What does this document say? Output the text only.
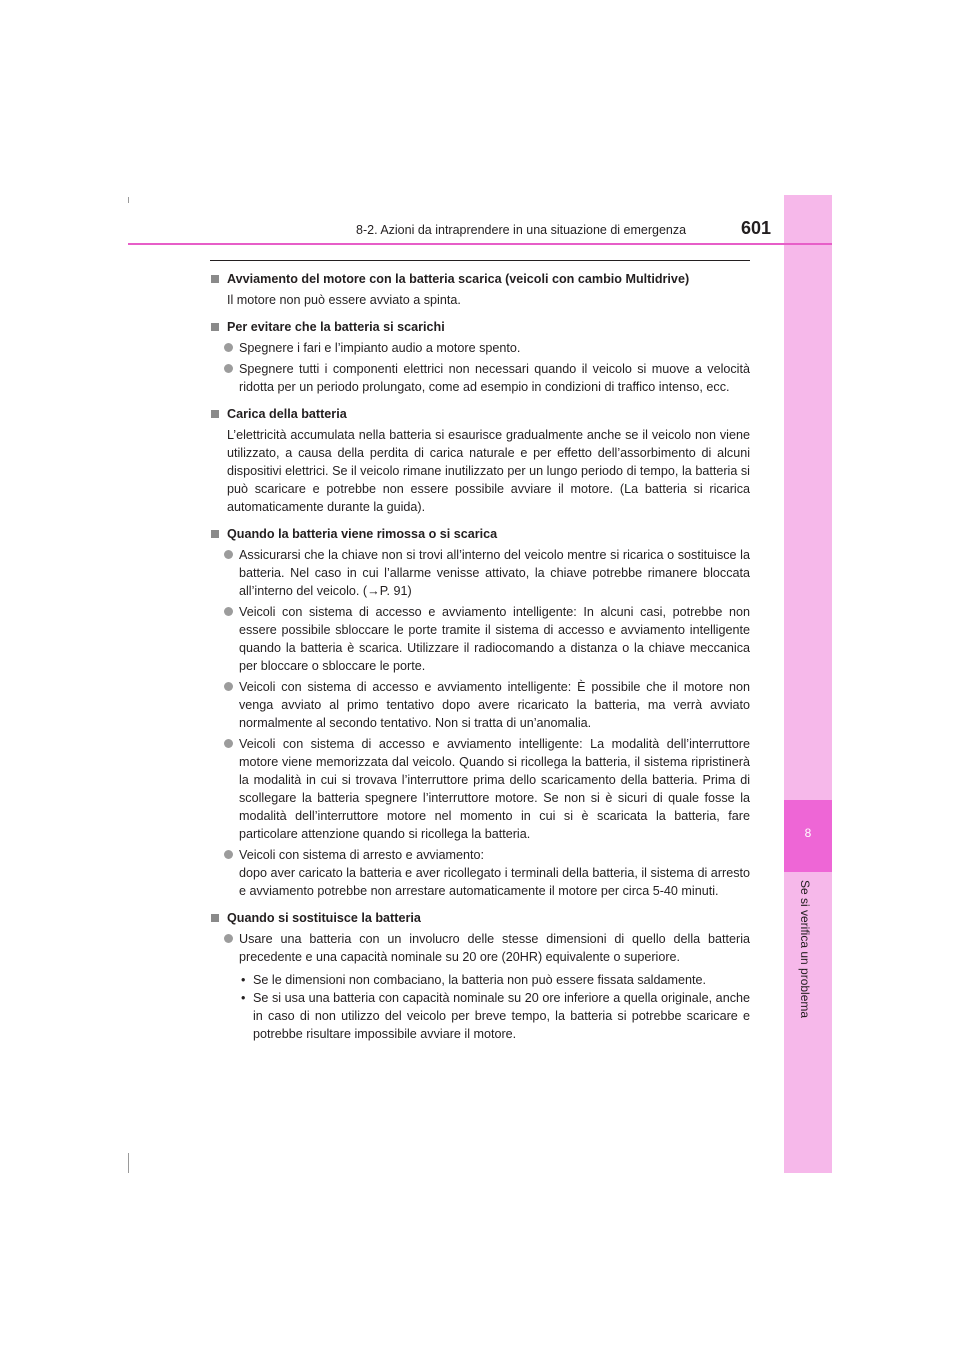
8
Se si verifica un problema
8-2. Azioni da intraprendere in una situazione di emergenza	601
Avviamento del motore con la batteria scarica (veicoli con cambio Multidrive)
Il motore non può essere avviato a spinta.
Per evitare che la batteria si scarichi
Spegnere i fari e l’impianto audio a motore spento.
Spegnere tutti i componenti elettrici non necessari quando il veicolo si muove a velocità ridotta per un periodo prolungato, come ad esempio in condizioni di traffico intenso, ecc.
Carica della batteria
L’elettricità accumulata nella batteria si esaurisce gradualmente anche se il veicolo non viene utilizzato, a causa della perdita di carica naturale e per effetto dell’assorbimento di alcuni dispositivi elettrici. Se il veicolo rimane inutilizzato per un lungo periodo di tempo, la batteria si può scaricare e potrebbe non essere possibile avviare il motore. (La batteria si ricarica automaticamente durante la guida).
Quando la batteria viene rimossa o si scarica
Assicurarsi che la chiave non si trovi all’interno del veicolo mentre si ricarica o sostituisce la batteria. Nel caso in cui l’allarme venisse attivato, la chiave potrebbe rimanere bloccata all’interno del veicolo. (→P. 91)
Veicoli con sistema di accesso e avviamento intelligente: In alcuni casi, potrebbe non essere possibile sbloccare le porte tramite il sistema di accesso e avviamento intelligente quando la batteria è scarica. Utilizzare il radiocomando a distanza o la chiave meccanica per bloccare o sbloccare le porte.
Veicoli con sistema di accesso e avviamento intelligente: È possibile che il motore non venga avviato al primo tentativo dopo avere ricaricato la batteria, ma verrà avviato normalmente al secondo tentativo. Non si tratta di un’anomalia.
Veicoli con sistema di accesso e avviamento intelligente: La modalità dell’interruttore motore viene memorizzata dal veicolo. Quando si ricollega la batteria, il sistema ripristinerà la modalità in cui si trovava l’interruttore prima dello scaricamento della batteria. Prima di scollegare la batteria spegnere l’interruttore motore. Se non si è sicuri di quale fosse la modalità dell’interruttore motore nel momento in cui si è scaricata la batteria, fare particolare attenzione quando si ricollega la batteria.
Veicoli con sistema di arresto e avviamento:
dopo aver caricato la batteria e aver ricollegato i terminali della batteria, il sistema di arresto e avviamento potrebbe non arrestare automaticamente il motore per circa 5-40 minuti.
Quando si sostituisce la batteria
Usare una batteria con un involucro delle stesse dimensioni di quello della batteria precedente e una capacità nominale su 20 ore (20HR) equivalente o superiore.
• Se le dimensioni non combaciano, la batteria non può essere fissata saldamente.
• Se si usa una batteria con capacità nominale su 20 ore inferiore a quella originale, anche in caso di non utilizzo del veicolo per breve tempo, la batteria si potrebbe scaricare e potrebbe risultare impossibile avviare il motore.
